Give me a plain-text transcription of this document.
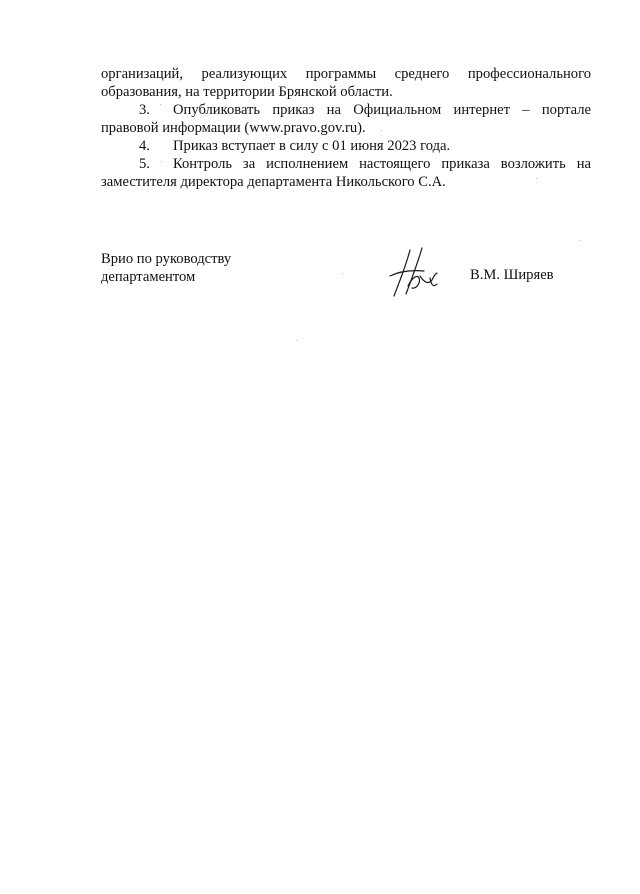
организаций, реализующих программы среднего профессионального образования, на территории Брянской области.

3. Опубликовать приказ на Официальном интернет – портале правовой информации (www.pravo.gov.ru).

4. Приказ вступает в силу с 01 июня 2023 года.

5. Контроль за исполнением настоящего приказа возложить на заместителя директора департамента Никольского С.А.

Врио по руководству
департаментом	В.М. Ширяев
